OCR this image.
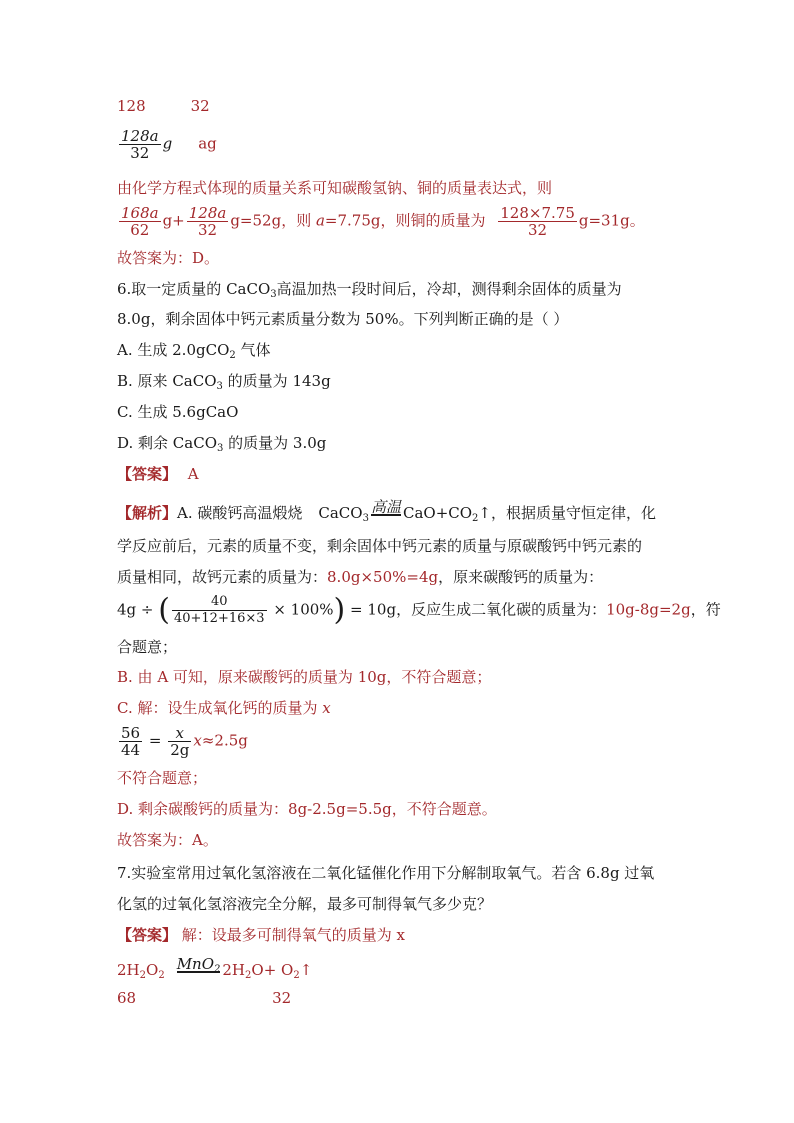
128	32
$\frac{128a}{32}$ g ag
由化学方程式体现的质量关系可知碳酸氢钠、铜的质量表达式，则
$\frac{168a}{62} g+ \frac{128a}{32} g=52g$，则 a=7.75g，则铜的质量为 $\frac{128\times 7.75}{32} g=31g$。
故答案为：D。
6.取一定质量的 CaCO$_3$高温加热一段时间后，冷却，测得剩余固体的质量为
8.0g，剩余固体中钙元素质量分数为 50%。下列判断正确的是（ ）
A. 生成 2.0gCO$_2$ 气体
B. 原来 CaCO$_3$ 的质量为 143g
C. 生成 5.6gCaO
D. 剩余 CaCO$_3$ 的质量为 3.0g
【答案】 A
【解析】A. 碳酸钙高温煅烧 CaCO$_3$
高温 $CaO+CO_2↑$，根据质量守恒定律，化
学反应前后，元素的质量不变，剩余固体中钙元素的质量与原碳酸钙中钙元素的
质量相同，故钙元素的质量为：8.0g×50%=4g，原来碳酸钙的质量为：
4g ÷ ( $\frac{40}{40+12+16\times 3} \times 100\%) = 10g$，反应生成二氧化碳的质量为：10g-8g=2g，符
合题意；
B. 由 A 可知，原来碳酸钙的质量为 10g，不符合题意；
C. 解：设生成氧化钙的质量为 x
$\frac{56}{44} = \frac{x}{2g} x\approx 2.5g$
不符合题意；
D. 剩余碳酸钙的质量为：8g-2.5g=5.5g，不符合题意。
故答案为：A。
7.实验室常用过氧化氢溶液在二氧化锰催化作用下分解制取氧气。若含 6.8g 过氧
化氢的过氧化氢溶液完全分解，最多可制得氧气多少克？
【答案】 解：设最多可制得氧气的质量为 x
$2H_2O_2$
MnO$_2$ $2H_2O+$ $O_2↑$
68	32
